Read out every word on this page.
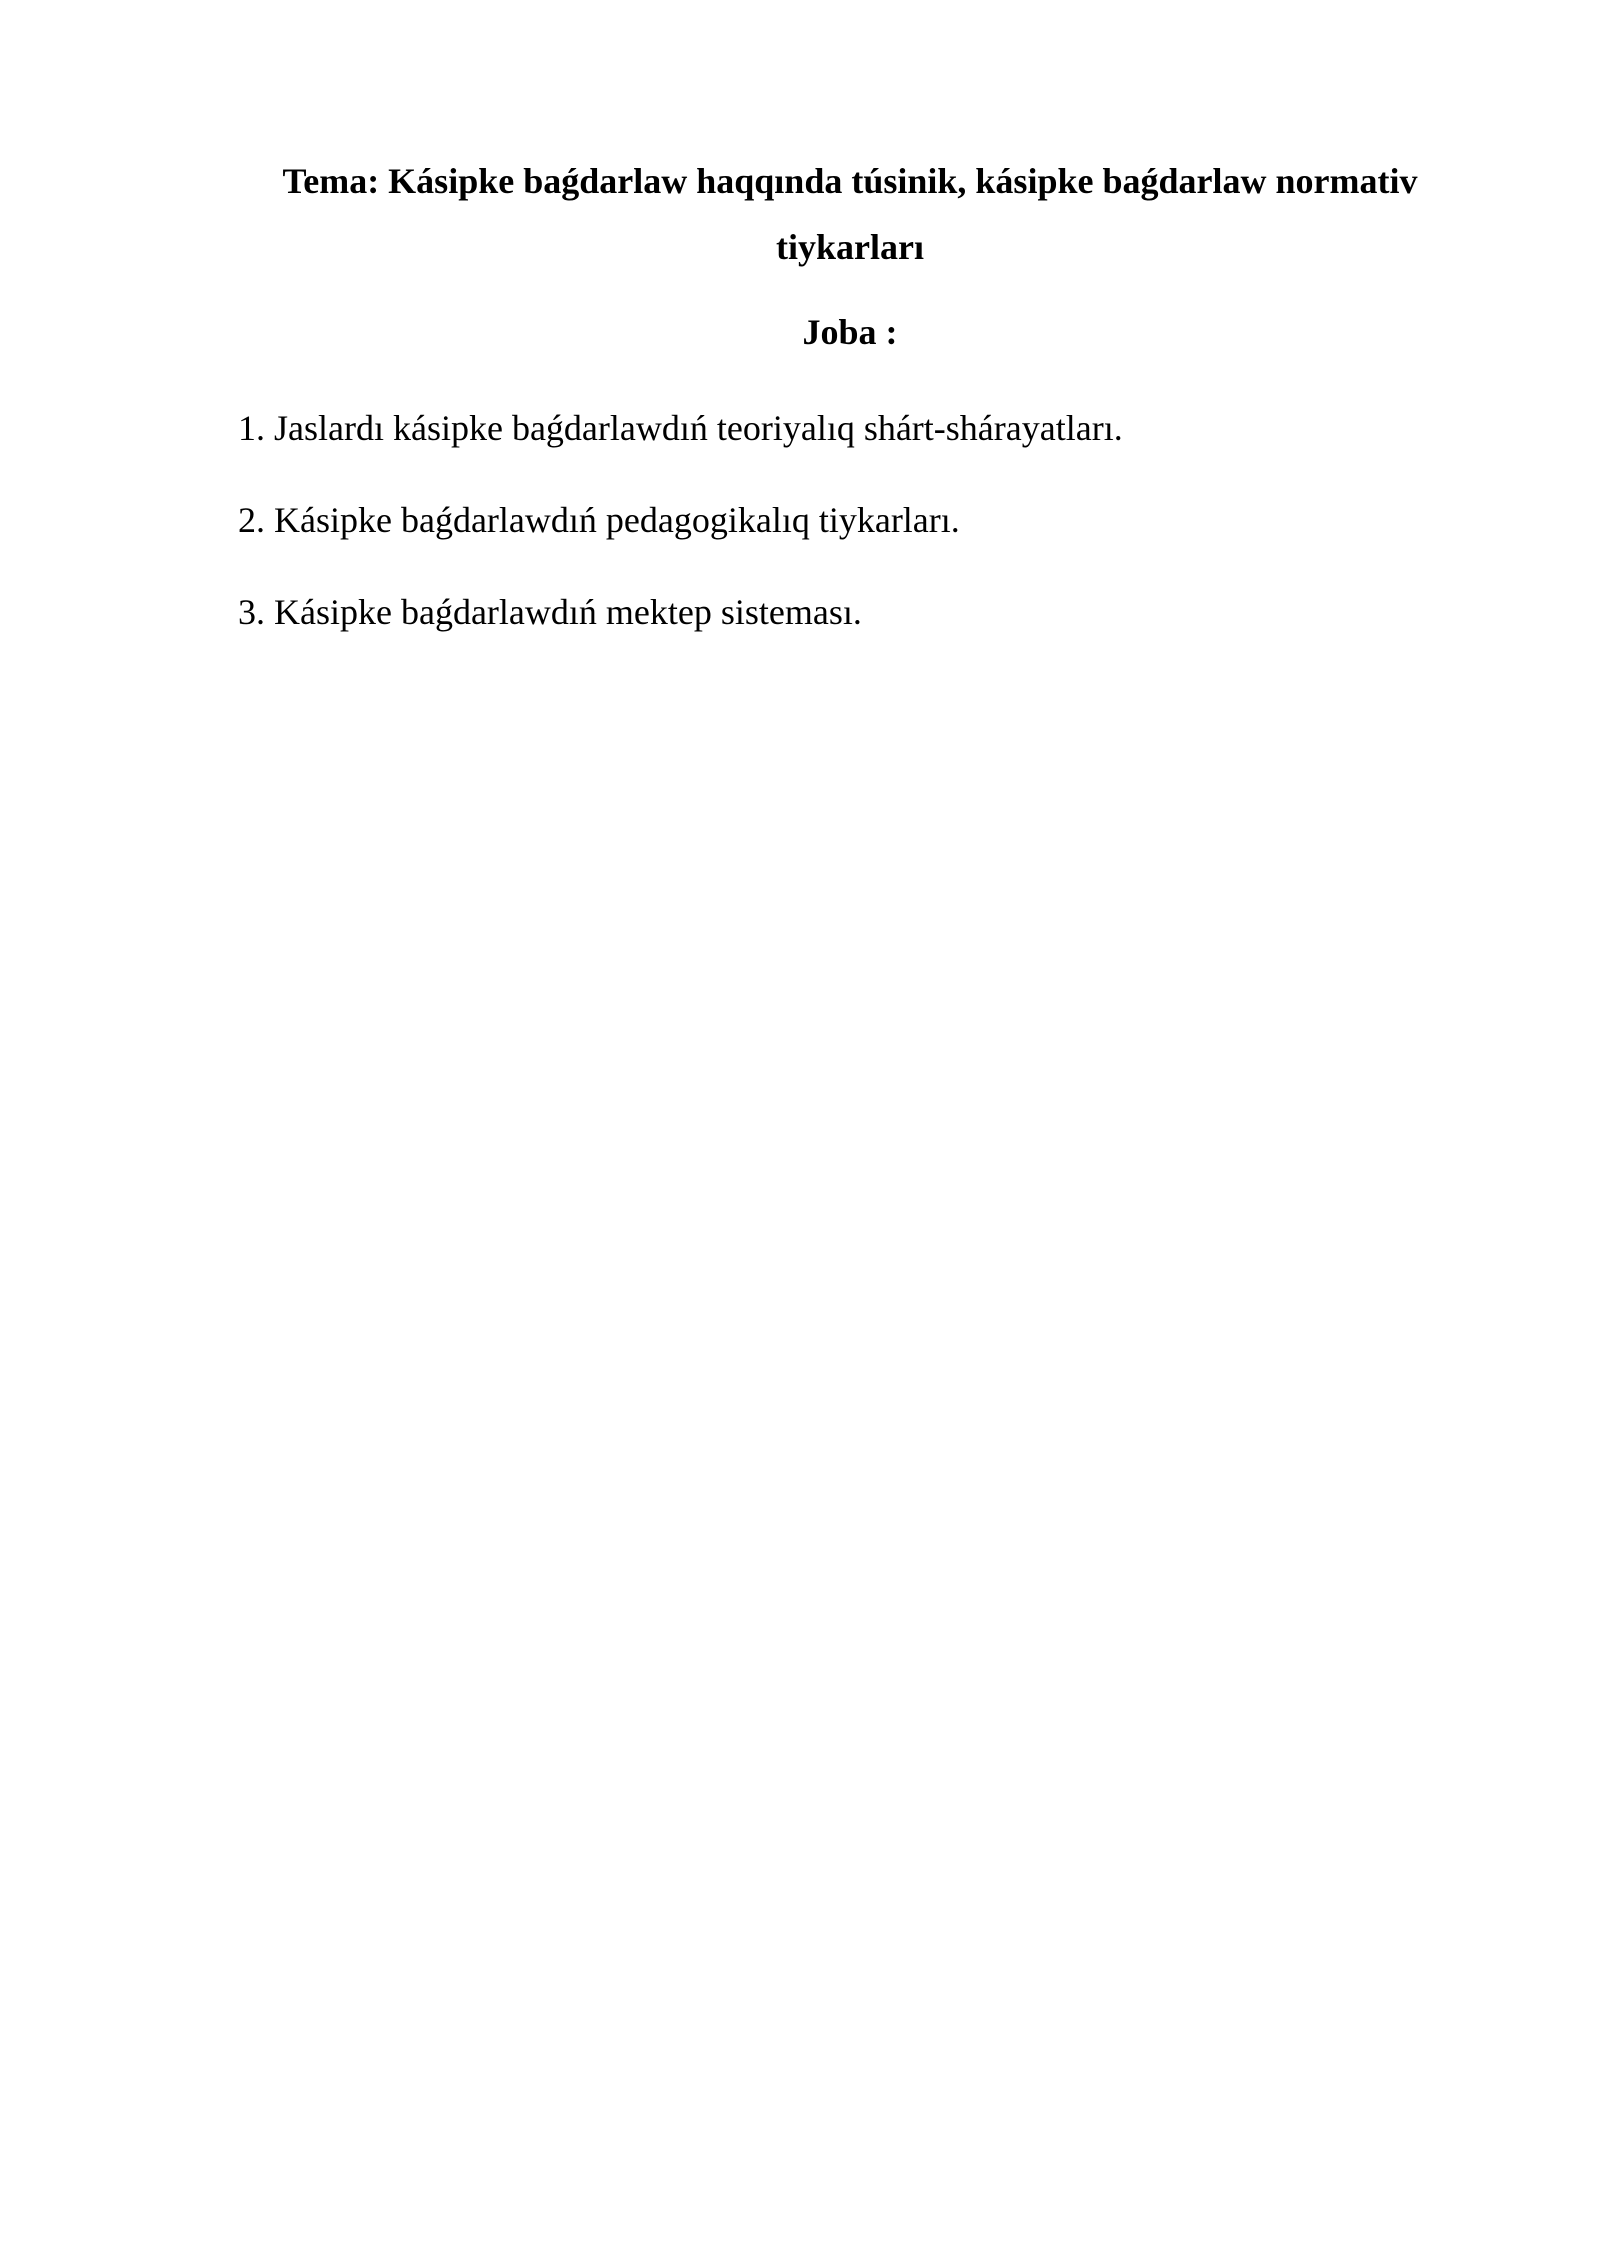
Tema: Kásipke baǵdarlaw haqqında túsinik, kásipke baǵdarlaw normativ tiykarları
Joba :
1. Jaslardı kásipke baǵdarlawdıń teoriyalıq shárt-shárayatları.
2. Kásipke baǵdarlawdıń pedagogikalıq tiykarları.
3. Kásipke baǵdarlawdıń mektep sisteması.
